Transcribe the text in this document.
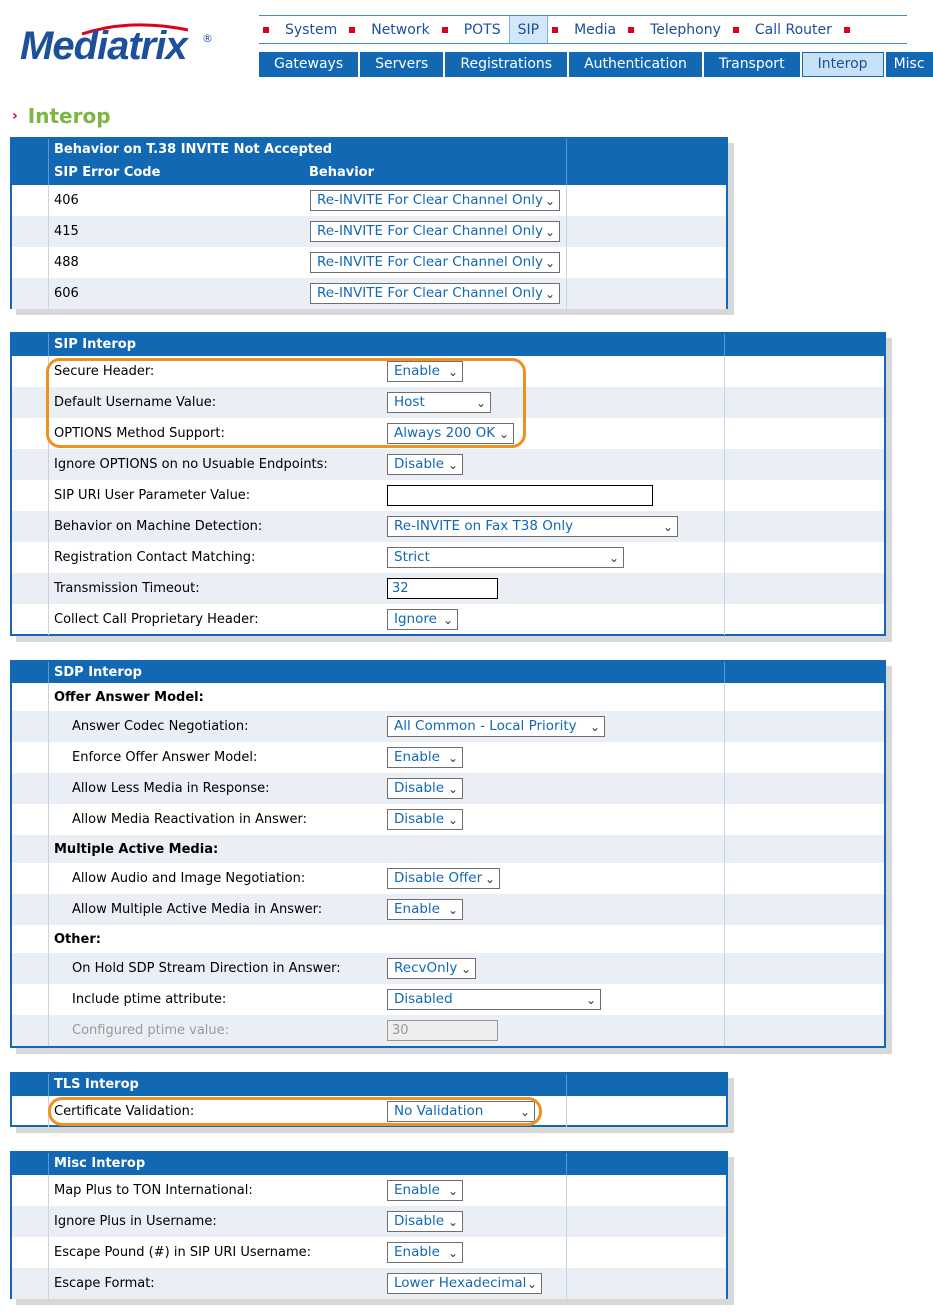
Mediatrix ®
System	Network	POTS	SIP	Media	Telephony	Call Router
Gateways	Servers	Registrations	Authentication	Transport	Interop	Misc
› Interop
Behavior on T.38 INVITE Not Accepted
SIP Error Code	Behavior
406	Re-INVITE For Clear Channel Only ⌄
415	Re-INVITE For Clear Channel Only ⌄
488	Re-INVITE For Clear Channel Only ⌄
606	Re-INVITE For Clear Channel Only ⌄
SIP Interop
Secure Header:	Enable ⌄
Default Username Value:	Host	⌄
OPTIONS Method Support:	Always 200 OK ⌄
Ignore OPTIONS on no Usuable Endpoints:	Disable ⌄
SIP URI User Parameter Value:
Behavior on Machine Detection:	Re-INVITE on Fax T38 Only	⌄
Registration Contact Matching:	Strict	⌄
Transmission Timeout:	32
Collect Call Proprietary Header:	Ignore ⌄
SDP Interop
Offer Answer Model:
Answer Codec Negotiation:	All Common - Local Priority ⌄
Enforce Offer Answer Model:	Enable ⌄
Allow Less Media in Response:	Disable ⌄
Allow Media Reactivation in Answer:	Disable ⌄
Multiple Active Media:
Allow Audio and Image Negotiation:	Disable Offer ⌄
Allow Multiple Active Media in Answer:	Enable ⌄
Other:
On Hold SDP Stream Direction in Answer:	RecvOnly ⌄
Include ptime attribute:	Disabled	⌄
Configured ptime value:	30
TLS Interop
Certificate Validation:	No Validation	⌄
Misc Interop
Map Plus to TON International:	Enable ⌄
Ignore Plus in Username:	Disable ⌄
Escape Pound (#) in SIP URI Username:	Enable ⌄
Escape Format:	Lower Hexadecimal ⌄
